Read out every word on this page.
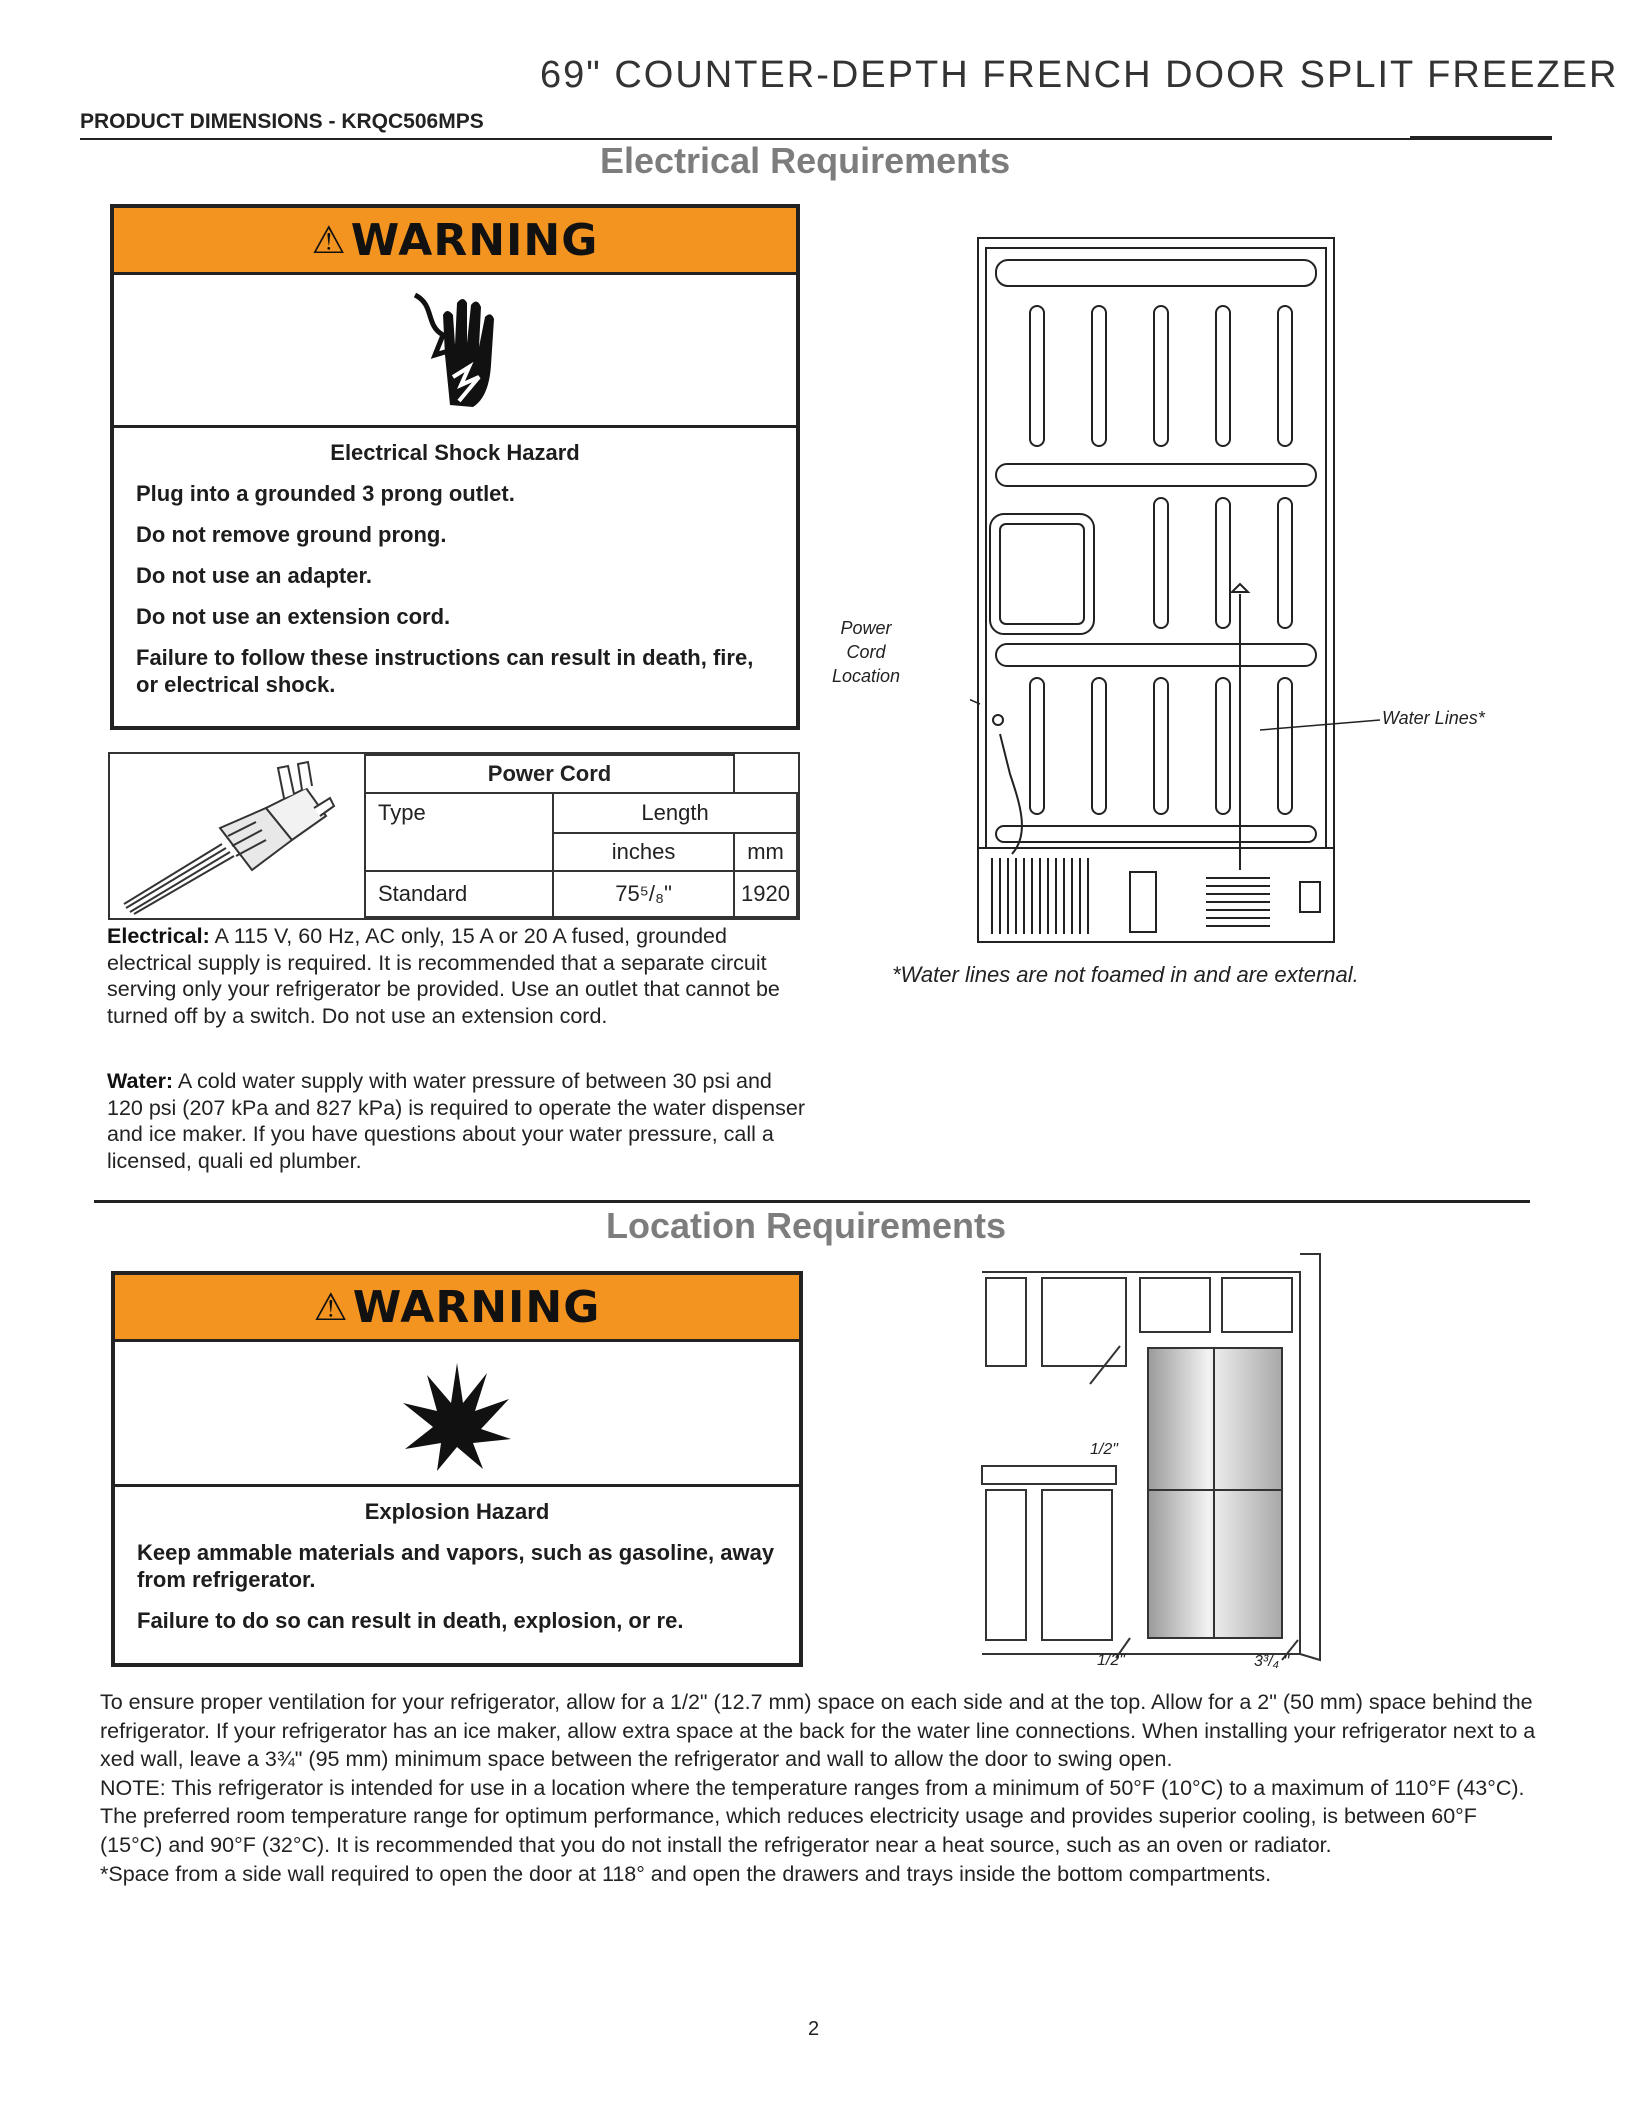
69" COUNTER-DEPTH FRENCH DOOR SPLIT FREEZER
PRODUCT DIMENSIONS - KRQC506MPS
Electrical Requirements
⚠ WARNING
Electrical Shock Hazard

Plug into a grounded 3 prong outlet.

Do not remove ground prong.

Do not use an adapter.

Do not use an extension cord.

Failure to follow these instructions can result in death, fire, or electrical shock.

Power Cord		
Type	Length	
	inches	mm
Standard	75⁵/₈"	1920
Electrical: A 115 V, 60 Hz, AC only, 15 A or 20 A fused, grounded electrical supply is required. It is recommended that a separate circuit serving only your refrigerator be provided. Use an outlet that cannot be turned off by a switch. Do not use an extension cord.
Water: A cold water supply with water pressure of between 30 psi and 120 psi (207 kPa and 827 kPa) is required to operate the water dispenser and ice maker. If you have questions about your water pressure, call a licensed, quali ed plumber.
Power Cord Location
Water Lines*
*Water lines are not foamed in and are external.
Location Requirements
⚠ WARNING
Explosion Hazard

Keep ammable materials and vapors, such as gasoline, away from refrigerator.

Failure to do so can result in death, explosion, or re.

1/2"
1/2"	3³/₄ "

To ensure proper ventilation for your refrigerator, allow for a 1/2" (12.7 mm) space on each side and at the top. Allow for a 2" (50 mm) space behind the refrigerator. If your refrigerator has an ice maker, allow extra space at the back for the water line connections. When installing your refrigerator next to a xed wall, leave a 3¾" (95 mm) minimum space between the refrigerator and wall to allow the door to swing open.

NOTE: This refrigerator is intended for use in a location where the temperature ranges from a minimum of 50°F (10°C) to a maximum of 110°F (43°C). The preferred room temperature range for optimum performance, which reduces electricity usage and provides superior cooling, is between 60°F (15°C) and 90°F (32°C). It is recommended that you do not install the refrigerator near a heat source, such as an oven or radiator.

*Space from a side wall required to open the door at 118° and open the drawers and trays inside the bottom compartments.

2
